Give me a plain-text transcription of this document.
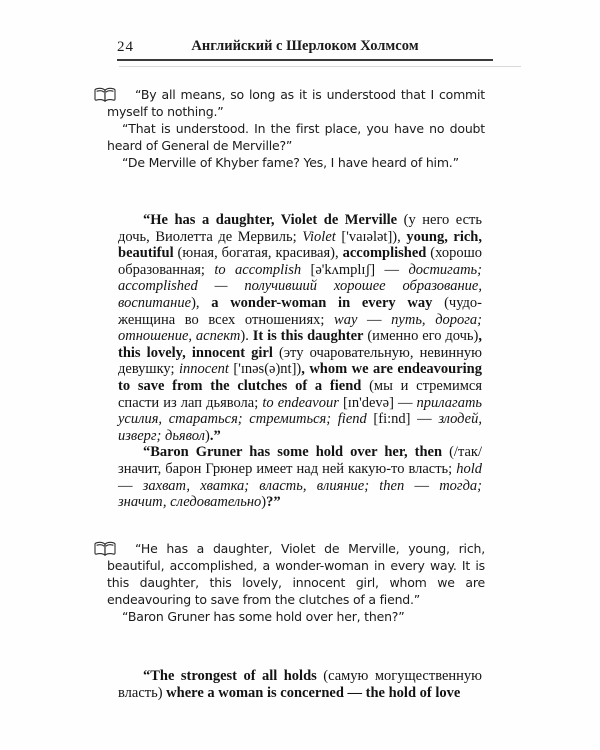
24	Английский с Шерлоком Холмсом

“By all means, so long as it is understood that I commit myself to nothing.”

“That is understood. In the first place, you have no doubt heard of General de Merville?”

“De Merville of Khyber fame? Yes, I have heard of him.”

“He has a daughter, Violet de Merville (у него есть дочь, Виолетта де Мервиль; Violet ['vaɪələt]), young, rich, beautiful (юная, богатая, красивая), accomplished (хорошо образованная; to accomplish [ə'kʌmplɪʃ] — достигать; accomplished — получивший хорошее образование, воспитание), a wonder-woman in every way (чудо-женщина во всех отношениях; way — путь, дорога; отношение, аспект). It is this daughter (именно его дочь), this lovely, innocent girl (эту очаровательную, невинную девушку; innocent ['ɪnəs(ə)nt]), whom we are endeavouring to save from the clutches of a fiend (мы и стремимся спасти из лап дьявола; to endeavour [ɪn'devə] — прилагать усилия, стараться; стремиться; fiend [fi:nd] — злодей, изверг; дьявол).”

“Baron Gruner has some hold over her, then (/так/ значит, барон Грюнер имеет над ней какую-то власть; hold — захват, хватка; власть, влияние; then — тогда; значит, следовательно)?”

“He has a daughter, Violet de Merville, young, rich, beautiful, accomplished, a wonder-woman in every way. It is this daughter, this lovely, innocent girl, whom we are endeavouring to save from the clutches of a fiend.”

“Baron Gruner has some hold over her, then?”

“The strongest of all holds (самую могущественную власть) where a woman is concerned — the hold of love
